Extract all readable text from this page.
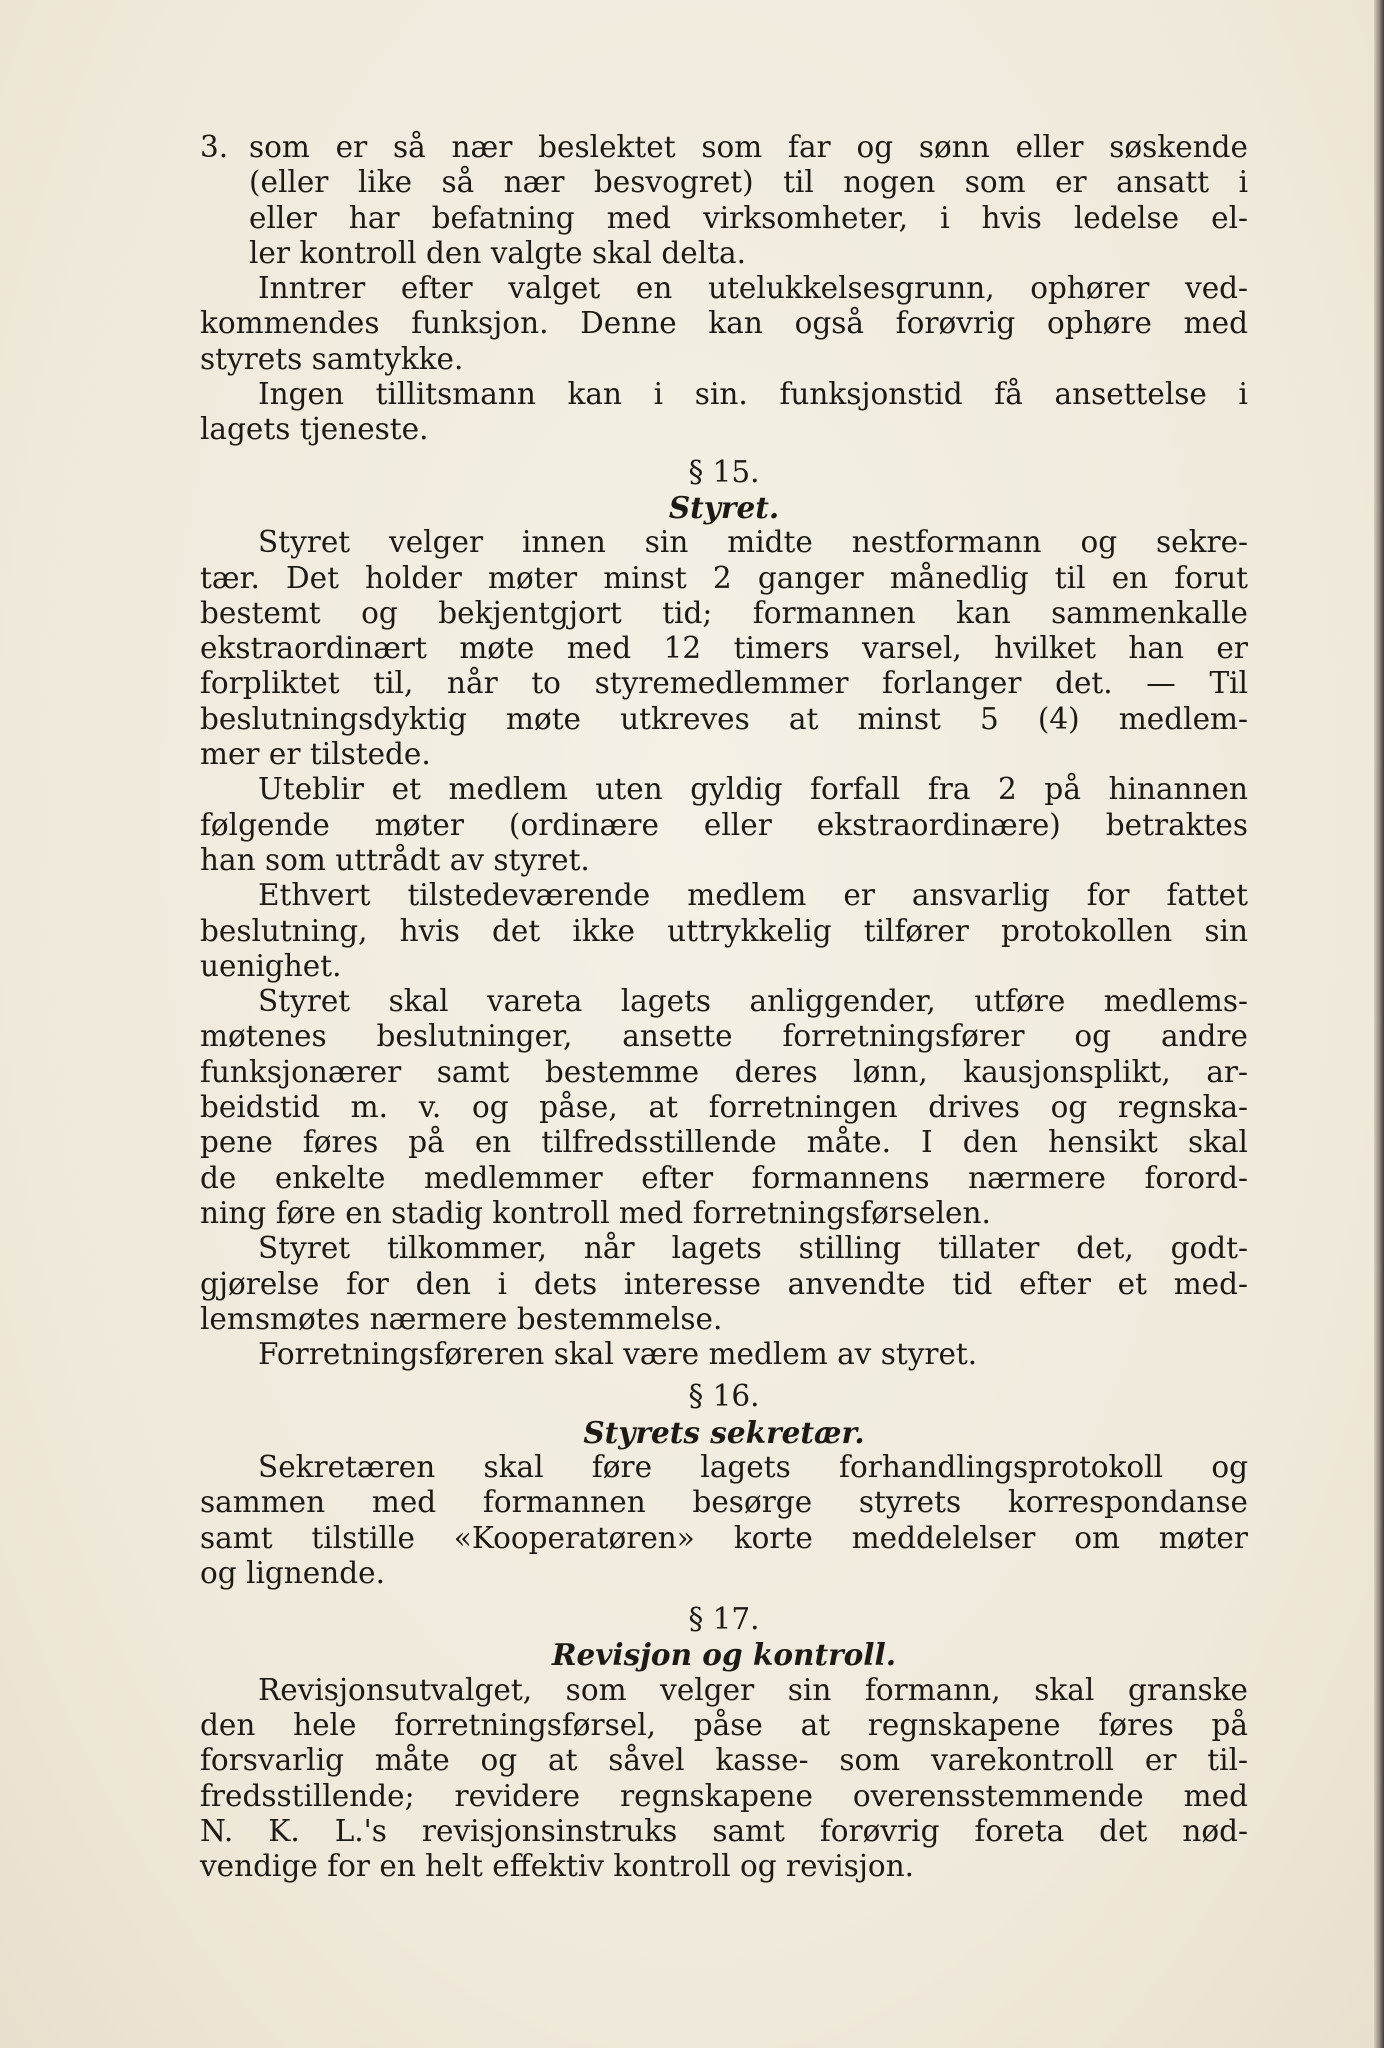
3. som er så nær beslektet som far og sønn eller søskende
(eller like så nær besvogret) til nogen som er ansatt i
eller har befatning med virksomheter, i hvis ledelse el-
ler kontroll den valgte skal delta.
Inntrer efter valget en utelukkelsesgrunn, ophører ved-
kommendes funksjon. Denne kan også forøvrig ophøre med
styrets samtykke.
Ingen tillitsmann kan i sin. funksjonstid få ansettelse i
lagets tjeneste.
§ 15.
Styret.
Styret velger innen sin midte nestformann og sekre-
tær. Det holder møter minst 2 ganger månedlig til en forut
bestemt og bekjentgjort tid; formannen kan sammenkalle
ekstraordinært møte med 12 timers varsel, hvilket han er
forpliktet til, når to styremedlemmer forlanger det. — Til
beslutningsdyktig møte utkreves at minst 5 (4) medlem-
mer er tilstede.
Uteblir et medlem uten gyldig forfall fra 2 på hinannen
følgende møter (ordinære eller ekstraordinære) betraktes
han som uttrådt av styret.
Ethvert tilstedeværende medlem er ansvarlig for fattet
beslutning, hvis det ikke uttrykkelig tilfører protokollen sin
uenighet.
Styret skal vareta lagets anliggender, utføre medlems-
møtenes beslutninger, ansette forretningsfører og andre
funksjonærer samt bestemme deres lønn, kausjonsplikt, ar-
beidstid m. v. og påse, at forretningen drives og regnska-
pene føres på en tilfredsstillende måte. I den hensikt skal
de enkelte medlemmer efter formannens nærmere forord-
ning føre en stadig kontroll med forretningsførselen.
Styret tilkommer, når lagets stilling tillater det, godt-
gjørelse for den i dets interesse anvendte tid efter et med-
lemsmøtes nærmere bestemmelse.
Forretningsføreren skal være medlem av styret.
§ 16.
Styrets sekretær.
Sekretæren skal føre lagets forhandlingsprotokoll og
sammen med formannen besørge styrets korrespondanse
samt tilstille «Kooperatøren» korte meddelelser om møter
og lignende.
§ 17.
Revisjon og kontroll.
Revisjonsutvalget, som velger sin formann, skal granske
den hele forretningsførsel, påse at regnskapene føres på
forsvarlig måte og at såvel kasse- som varekontroll er til-
fredsstillende; revidere regnskapene overensstemmende med
N. K. L.'s revisjonsinstruks samt forøvrig foreta det nød-
vendige for en helt effektiv kontroll og revisjon.
